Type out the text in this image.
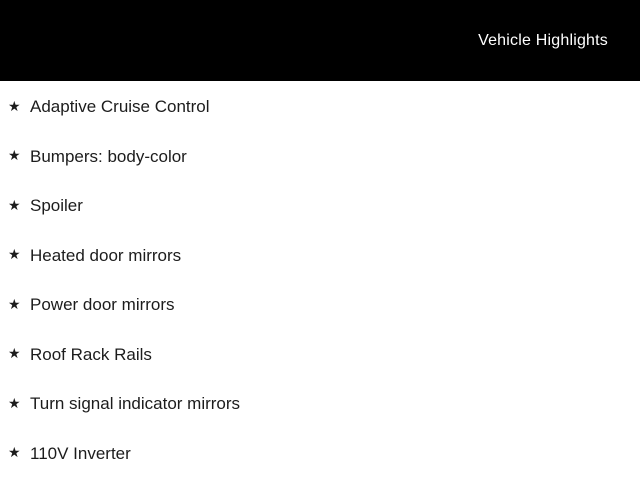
Vehicle Highlights
★ Adaptive Cruise Control
★ Bumpers: body-color
★ Spoiler
★ Heated door mirrors
★ Power door mirrors
★ Roof Rack Rails
★ Turn signal indicator mirrors
★ 110V Inverter
